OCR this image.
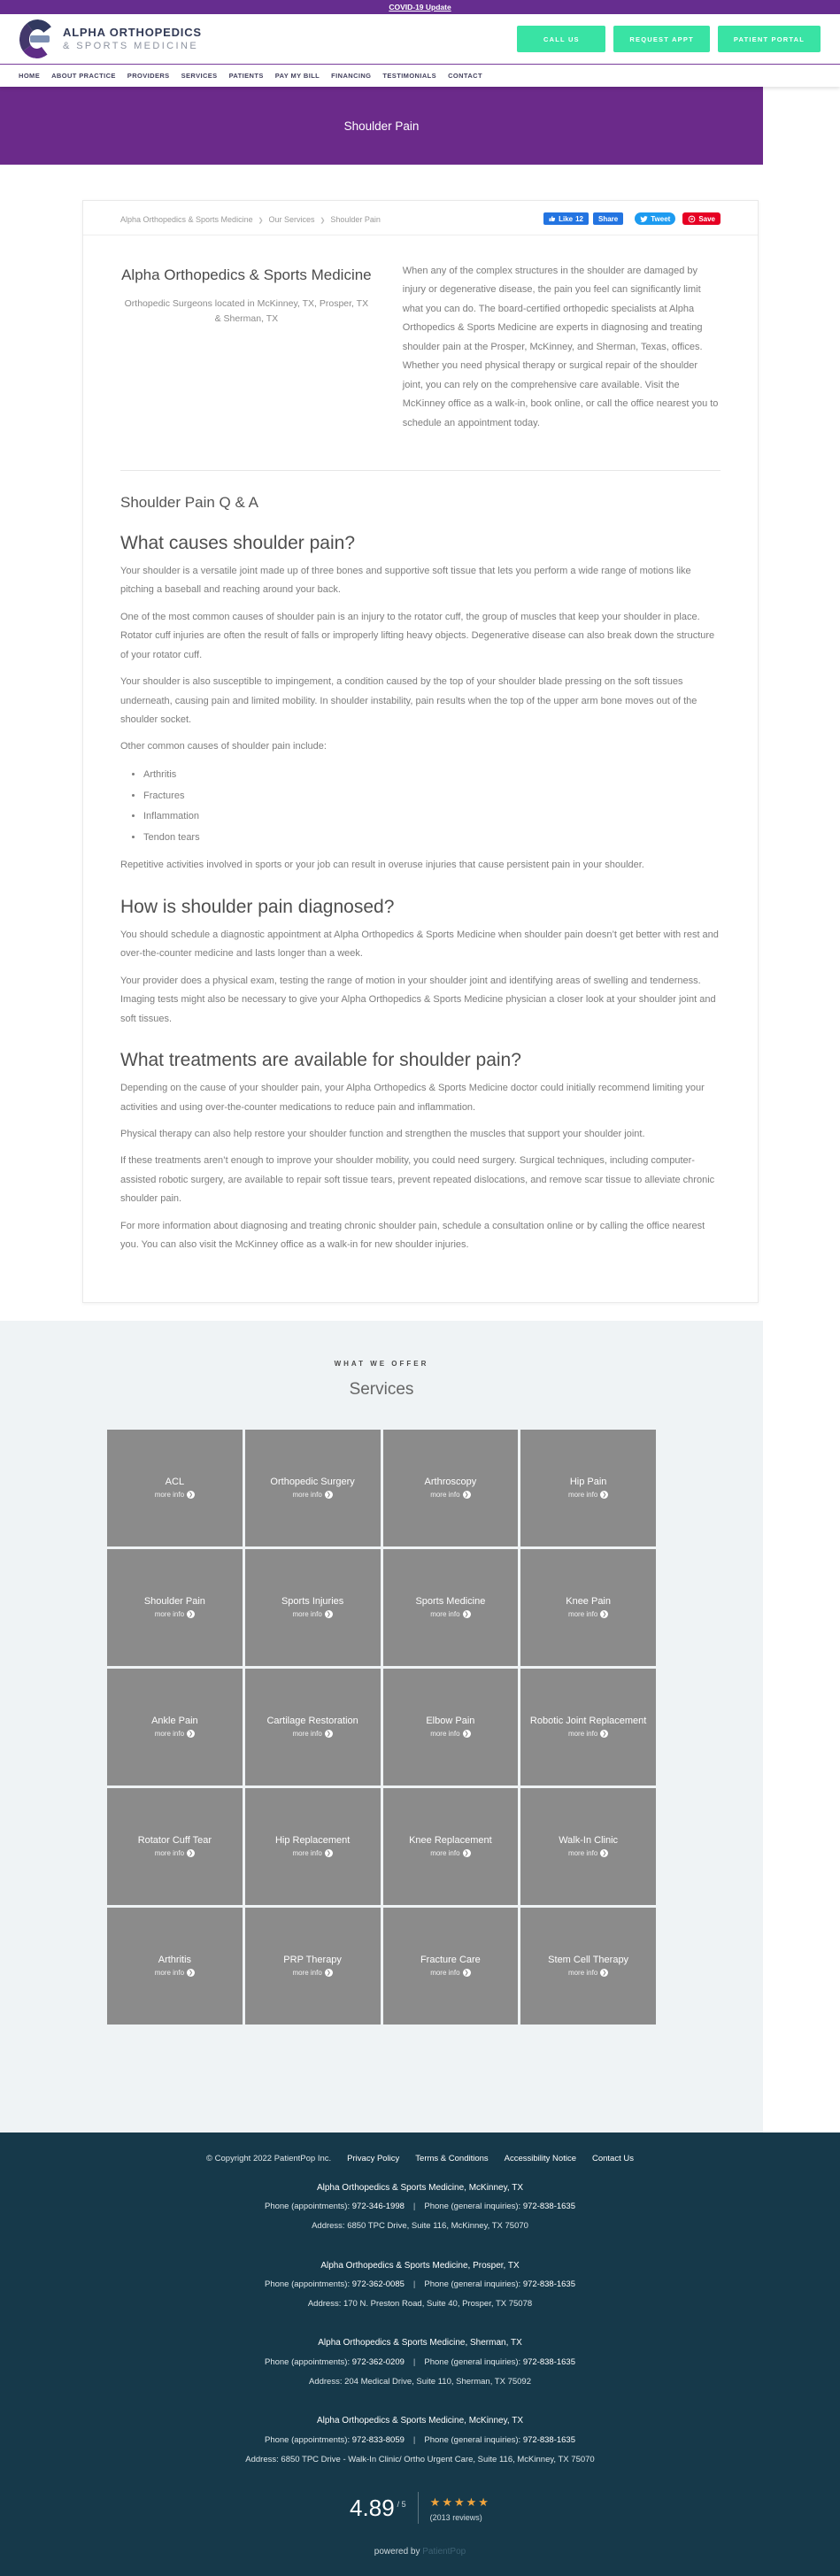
COVID-19 Update
ALPHA ORTHOPEDICS
& SPORTS MEDICINE
CALL US	REQUEST APPT	PATIENT PORTAL
HOME ABOUT PRACTICE PROVIDERS SERVICES PATIENTS PAY MY BILL FINANCING TESTIMONIALS CONTACT
Shoulder Pain
Alpha Orthopedics & Sports Medicine ❯ Our Services ❯ Shoulder Pain	Like 12 Share	Tweet	Save
Alpha Orthopedics & Sports Medicine
Orthopedic Surgeons located in McKinney, TX, Prosper, TX & Sherman, TX
When any of the complex structures in the shoulder are damaged by injury or degenerative disease, the pain you feel can significantly limit what you can do. The board-certified orthopedic specialists at Alpha Orthopedics & Sports Medicine are experts in diagnosing and treating shoulder pain at the Prosper, McKinney, and Sherman, Texas, offices. Whether you need physical therapy or surgical repair of the shoulder joint, you can rely on the comprehensive care available. Visit the McKinney office as a walk-in, book online, or call the office nearest you to schedule an appointment today.
Shoulder Pain Q & A
What causes shoulder pain?

Your shoulder is a versatile joint made up of three bones and supportive soft tissue that lets you perform a wide range of motions like pitching a baseball and reaching around your back.

One of the most common causes of shoulder pain is an injury to the rotator cuff, the group of muscles that keep your shoulder in place. Rotator cuff injuries are often the result of falls or improperly lifting heavy objects. Degenerative disease can also break down the structure of your rotator cuff.

Your shoulder is also susceptible to impingement, a condition caused by the top of your shoulder blade pressing on the soft tissues underneath, causing pain and limited mobility. In shoulder instability, pain results when the top of the upper arm bone moves out of the shoulder socket.

Other common causes of shoulder pain include:

• Arthritis
• Fractures
• Inflammation
• Tendon tears

Repetitive activities involved in sports or your job can result in overuse injuries that cause persistent pain in your shoulder.

How is shoulder pain diagnosed?

You should schedule a diagnostic appointment at Alpha Orthopedics & Sports Medicine when shoulder pain doesn’t get better with rest and over-the-counter medicine and lasts longer than a week.

Your provider does a physical exam, testing the range of motion in your shoulder joint and identifying areas of swelling and tenderness. Imaging tests might also be necessary to give your Alpha Orthopedics & Sports Medicine physician a closer look at your shoulder joint and soft tissues.

What treatments are available for shoulder pain?

Depending on the cause of your shoulder pain, your Alpha Orthopedics & Sports Medicine doctor could initially recommend limiting your activities and using over-the-counter medications to reduce pain and inflammation.

Physical therapy can also help restore your shoulder function and strengthen the muscles that support your shoulder joint.

If these treatments aren’t enough to improve your shoulder mobility, you could need surgery. Surgical techniques, including computer-assisted robotic surgery, are available to repair soft tissue tears, prevent repeated dislocations, and remove scar tissue to alleviate chronic shoulder pain.

For more information about diagnosing and treating chronic shoulder pain, schedule a consultation online or by calling the office nearest you. You can also visit the McKinney office as a walk-in for new shoulder injuries.

WHAT WE OFFER
Services
ACL
more info ❯
Orthopedic Surgery
more info ❯
Arthroscopy
more info ❯
Hip Pain
more info ❯
Shoulder Pain
more info ❯
Sports Injuries
more info ❯
Sports Medicine
more info ❯
Knee Pain
more info ❯
Ankle Pain
more info ❯
Cartilage Restoration
more info ❯
Elbow Pain
more info ❯
Robotic Joint Replacement
more info ❯
Rotator Cuff Tear
more info ❯
Hip Replacement
more info ❯
Knee Replacement
more info ❯
Walk-In Clinic
more info ❯
Arthritis
more info ❯
PRP Therapy
more info ❯
Fracture Care
more info ❯
Stem Cell Therapy
more info ❯
© Copyright 2022 PatientPop Inc. Privacy Policy Terms & Conditions Accessibility Notice Contact Us
Alpha Orthopedics & Sports Medicine, McKinney, TX
Phone (appointments): 972-346-1998 | Phone (general inquiries): 972-838-1635
Address: 6850 TPC Drive, Suite 116, McKinney, TX 75070
Alpha Orthopedics & Sports Medicine, Prosper, TX
Phone (appointments): 972-362-0085 | Phone (general inquiries): 972-838-1635
Address: 170 N. Preston Road, Suite 40, Prosper, TX 75078
Alpha Orthopedics & Sports Medicine, Sherman, TX
Phone (appointments): 972-362-0209 | Phone (general inquiries): 972-838-1635
Address: 204 Medical Drive, Suite 110, Sherman, TX 75092
Alpha Orthopedics & Sports Medicine, McKinney, TX
Phone (appointments): 972-833-8059 | Phone (general inquiries): 972-838-1635
Address: 6850 TPC Drive - Walk-In Clinic/ Ortho Urgent Care, Suite 116, McKinney, TX 75070
4.89 / 5 ★★★★★
(2013 reviews)
powered by PatientPop
